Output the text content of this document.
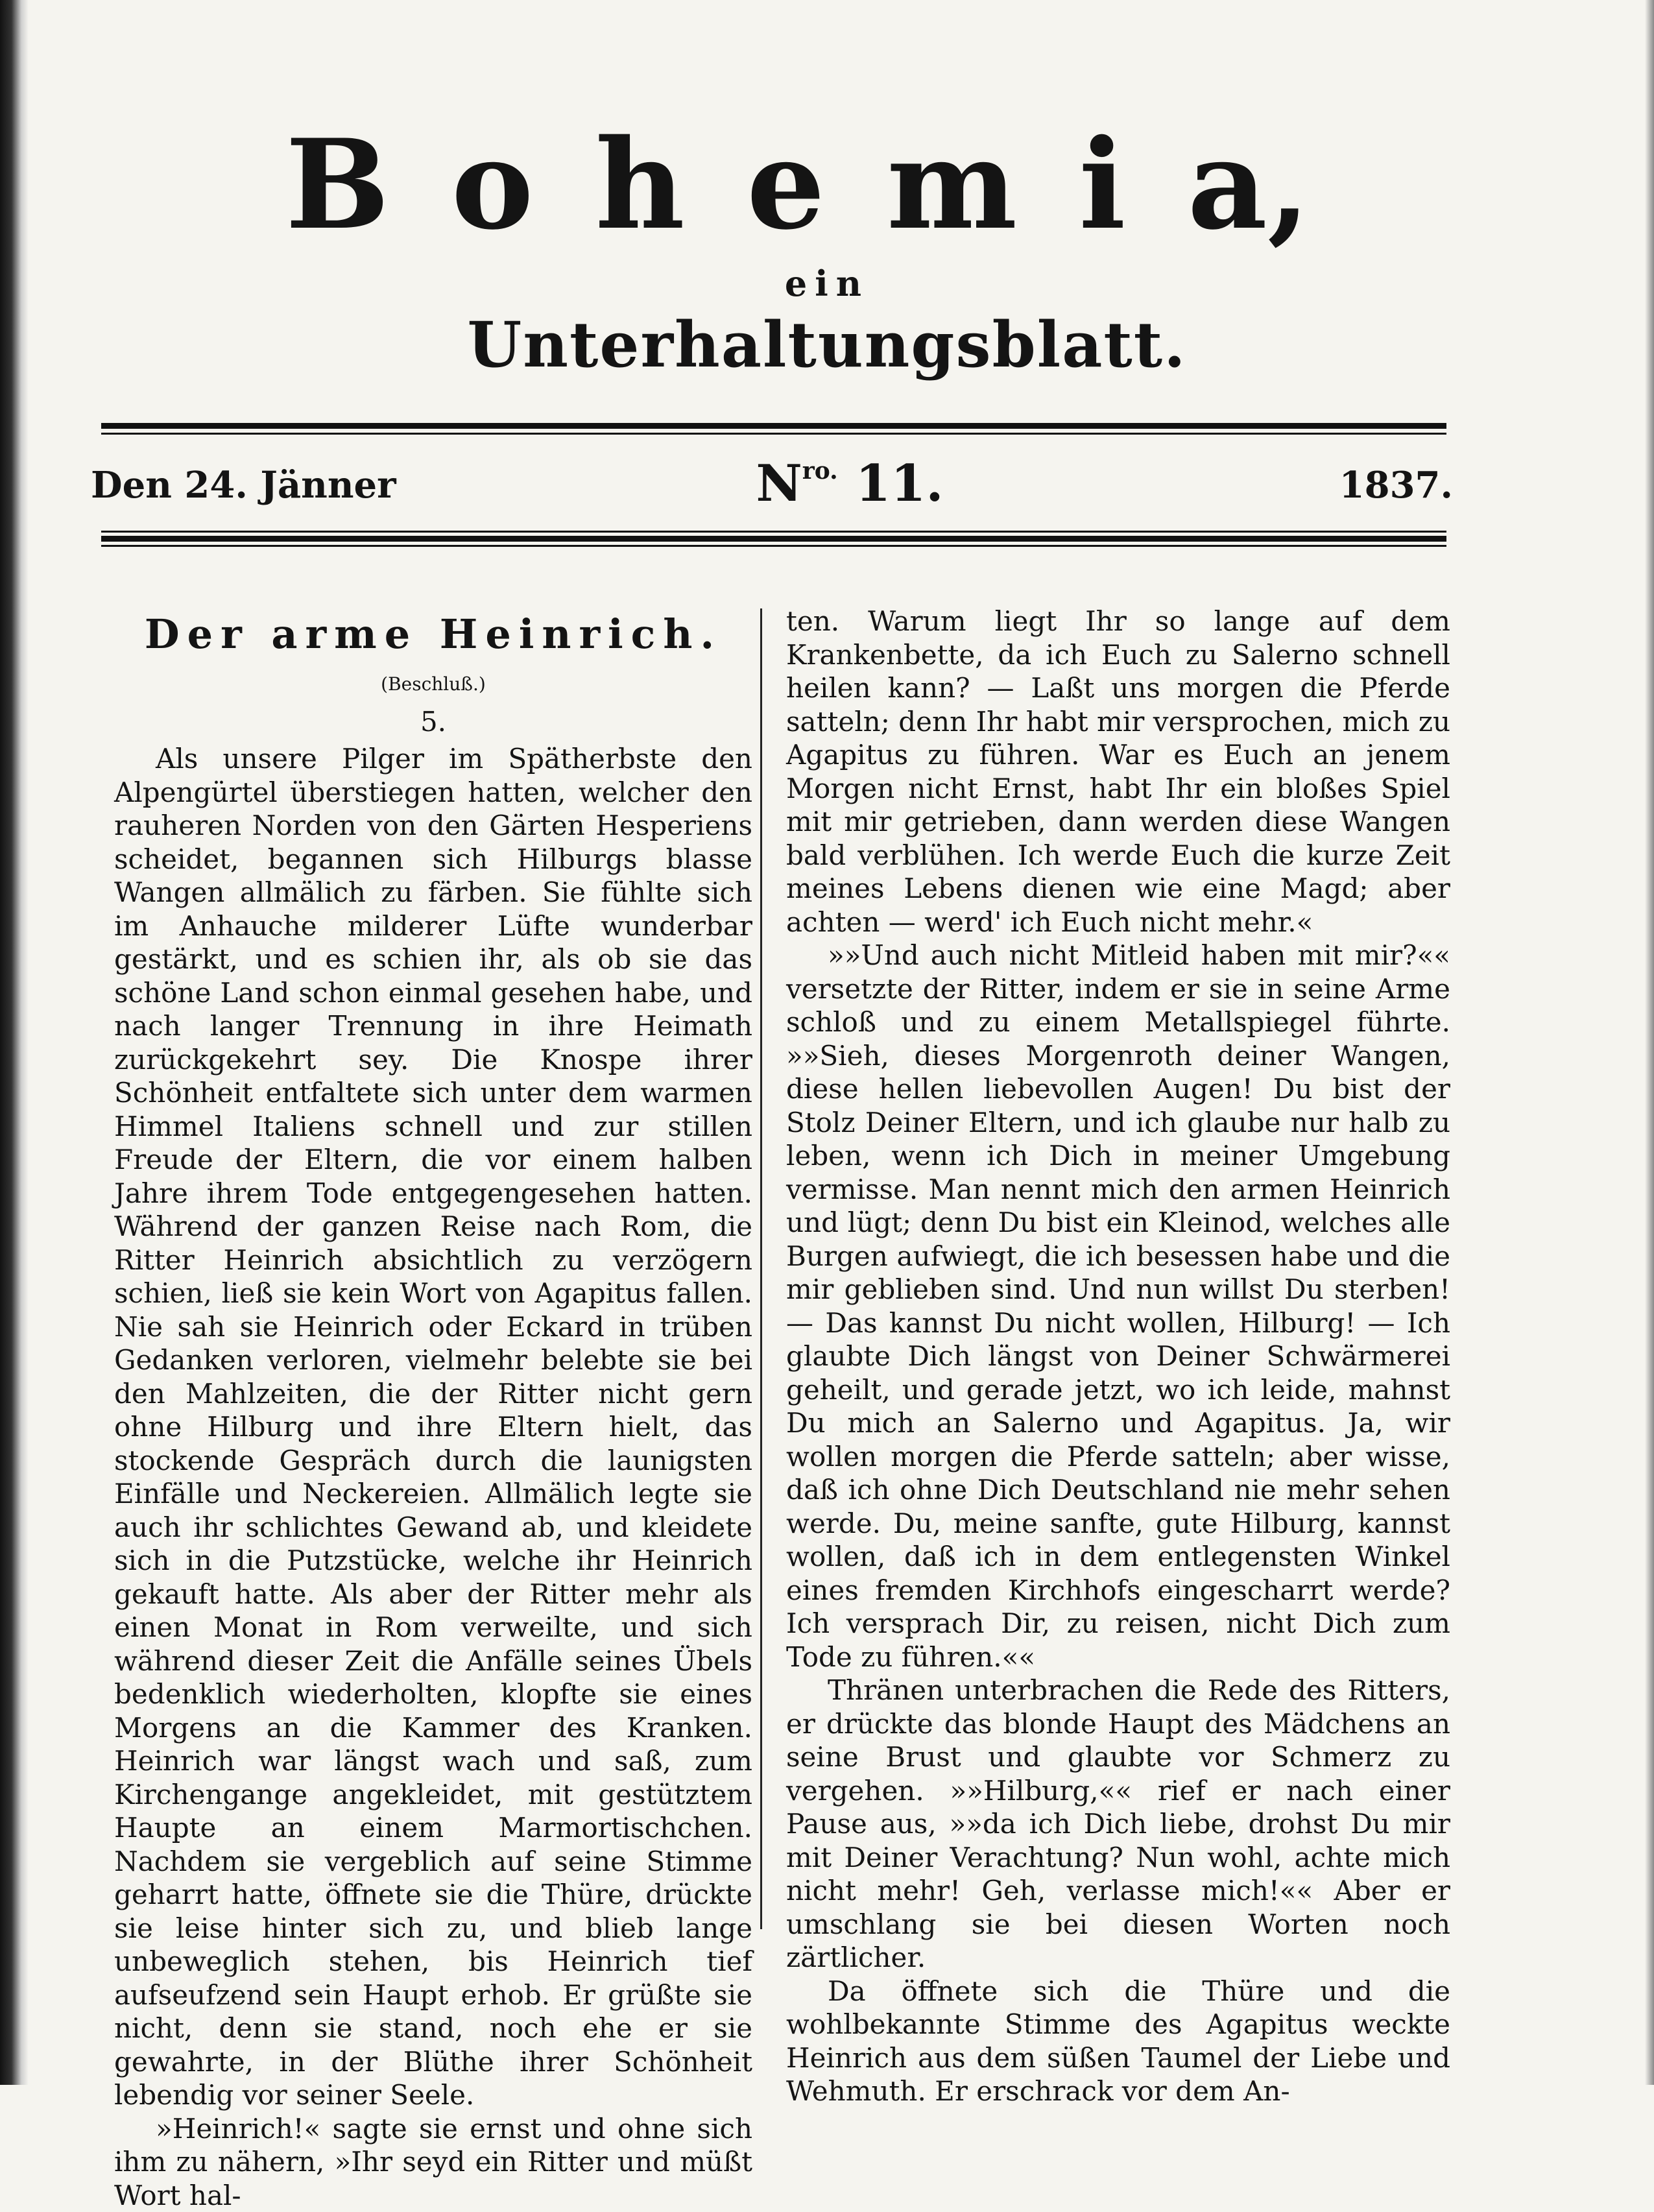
B o h e m i a,
ein
Unterhaltungsblatt.
Den 24. Jänner	$N^{ro.}$ 11.	1837.
Der arme Heinrich.
(Beschluß.)
5.

Als unsere Pilger im Spätherbste den Alpengürtel überstiegen hatten, welcher den rauheren Norden von den Gärten Hesperiens scheidet, begannen sich Hilburgs blasse Wangen allmälich zu färben. Sie fühlte sich im Anhauche milderer Lüfte wunderbar gestärkt, und es schien ihr, als ob sie das schöne Land schon einmal gesehen habe, und nach langer Trennung in ihre Heimath zurückgekehrt sey. Die Knospe ihrer Schönheit entfaltete sich unter dem warmen Himmel Italiens schnell und zur stillen Freude der Eltern, die vor einem halben Jahre ihrem Tode entgegengesehen hatten. Während der ganzen Reise nach Rom, die Ritter Heinrich absichtlich zu verzögern schien, ließ sie kein Wort von Agapitus fallen. Nie sah sie Heinrich oder Eckard in trüben Gedanken verloren, vielmehr belebte sie bei den Mahlzeiten, die der Ritter nicht gern ohne Hilburg und ihre Eltern hielt, das stockende Gespräch durch die launigsten Einfälle und Neckereien. Allmälich legte sie auch ihr schlichtes Gewand ab, und kleidete sich in die Putzstücke, welche ihr Heinrich gekauft hatte. Als aber der Ritter mehr als einen Monat in Rom verweilte, und sich während dieser Zeit die Anfälle seines Übels bedenklich wiederholten, klopfte sie eines Morgens an die Kammer des Kranken. Heinrich war längst wach und saß, zum Kirchengange angekleidet, mit gestütztem Haupte an einem Marmortischchen. Nachdem sie vergeblich auf seine Stimme geharrt hatte, öffnete sie die Thüre, drückte sie leise hinter sich zu, und blieb lange unbeweglich stehen, bis Heinrich tief aufseufzend sein Haupt erhob. Er grüßte sie nicht, denn sie stand, noch ehe er sie gewahrte, in der Blüthe ihrer Schönheit lebendig vor seiner Seele.

»Heinrich!« sagte sie ernst und ohne sich ihm zu nähern, »Ihr seyd ein Ritter und müßt Wort hal-

ten. Warum liegt Ihr so lange auf dem Krankenbette, da ich Euch zu Salerno schnell heilen kann? — Laßt uns morgen die Pferde satteln; denn Ihr habt mir versprochen, mich zu Agapitus zu führen. War es Euch an jenem Morgen nicht Ernst, habt Ihr ein bloßes Spiel mit mir getrieben, dann werden diese Wangen bald verblühen. Ich werde Euch die kurze Zeit meines Lebens dienen wie eine Magd; aber achten — werd' ich Euch nicht mehr.«

»»Und auch nicht Mitleid haben mit mir?«« versetzte der Ritter, indem er sie in seine Arme schloß und zu einem Metallspiegel führte. »»Sieh, dieses Morgenroth deiner Wangen, diese hellen liebevollen Augen! Du bist der Stolz Deiner Eltern, und ich glaube nur halb zu leben, wenn ich Dich in meiner Umgebung vermisse. Man nennt mich den armen Heinrich und lügt; denn Du bist ein Kleinod, welches alle Burgen aufwiegt, die ich besessen habe und die mir geblieben sind. Und nun willst Du sterben! — Das kannst Du nicht wollen, Hilburg! — Ich glaubte Dich längst von Deiner Schwärmerei geheilt, und gerade jetzt, wo ich leide, mahnst Du mich an Salerno und Agapitus. Ja, wir wollen morgen die Pferde satteln; aber wisse, daß ich ohne Dich Deutschland nie mehr sehen werde. Du, meine sanfte, gute Hilburg, kannst wollen, daß ich in dem entlegensten Winkel eines fremden Kirchhofs eingescharrt werde? Ich versprach Dir, zu reisen, nicht Dich zum Tode zu führen.««

Thränen unterbrachen die Rede des Ritters, er drückte das blonde Haupt des Mädchens an seine Brust und glaubte vor Schmerz zu vergehen. »»Hilburg,«« rief er nach einer Pause aus, »»da ich Dich liebe, drohst Du mir mit Deiner Verachtung? Nun wohl, achte mich nicht mehr! Geh, verlasse mich!«« Aber er umschlang sie bei diesen Worten noch zärtlicher.

Da öffnete sich die Thüre und die wohlbekannte Stimme des Agapitus weckte Heinrich aus dem süßen Taumel der Liebe und Wehmuth. Er erschrack vor dem An-
